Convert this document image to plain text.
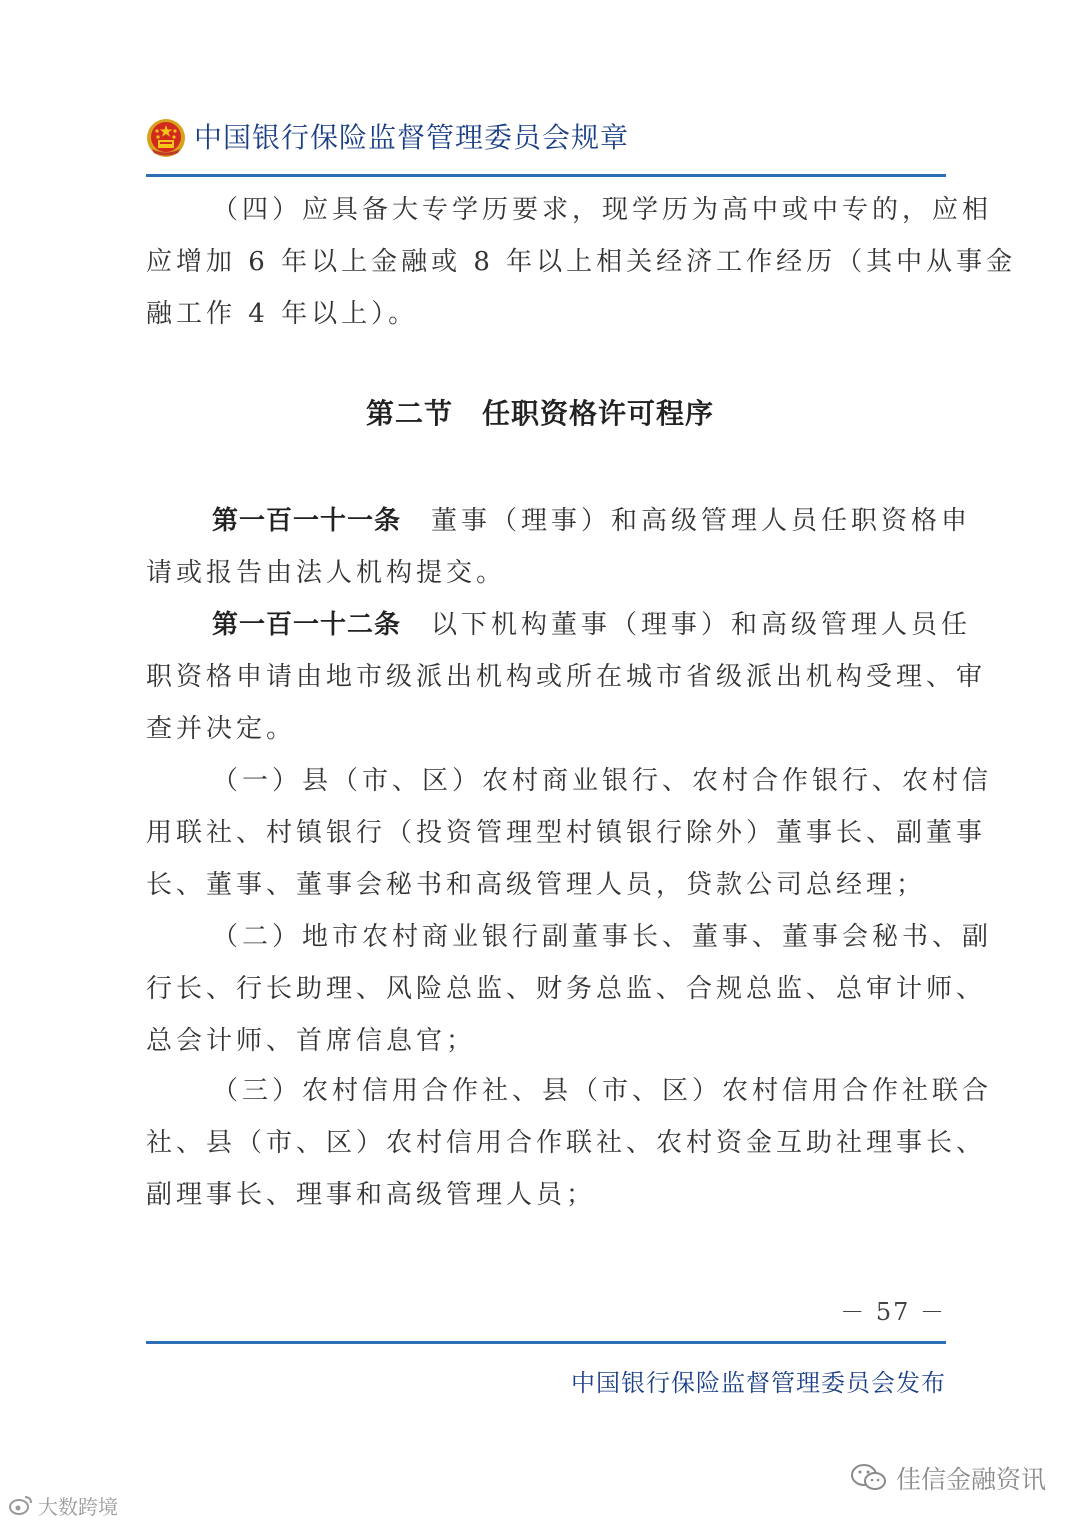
中国银行保险监督管理委员会规章
（四）应具备大专学历要求，现学历为高中或中专的，应相
应增加 6 年以上金融或 8 年以上相关经济工作经历（其中从事金
融工作 4 年以上）。
第二节　任职资格许可程序
第一百一十一条 董事（理事）和高级管理人员任职资格申
请或报告由法人机构提交。
第一百一十二条 以下机构董事（理事）和高级管理人员任
职资格申请由地市级派出机构或所在城市省级派出机构受理、审
查并决定。
（一）县（市、区）农村商业银行、农村合作银行、农村信
用联社、村镇银行（投资管理型村镇银行除外）董事长、副董事
长、董事、董事会秘书和高级管理人员，贷款公司总经理；
（二）地市农村商业银行副董事长、董事、董事会秘书、副
行长、行长助理、风险总监、财务总监、合规总监、总审计师、
总会计师、首席信息官；
（三）农村信用合作社、县（市、区）农村信用合作社联合
社、县（市、区）农村信用合作联社、农村资金互助社理事长、
副理事长、理事和高级管理人员；
－ 57 －
中国银行保险监督管理委员会发布
佳信金融资讯
大数跨境
